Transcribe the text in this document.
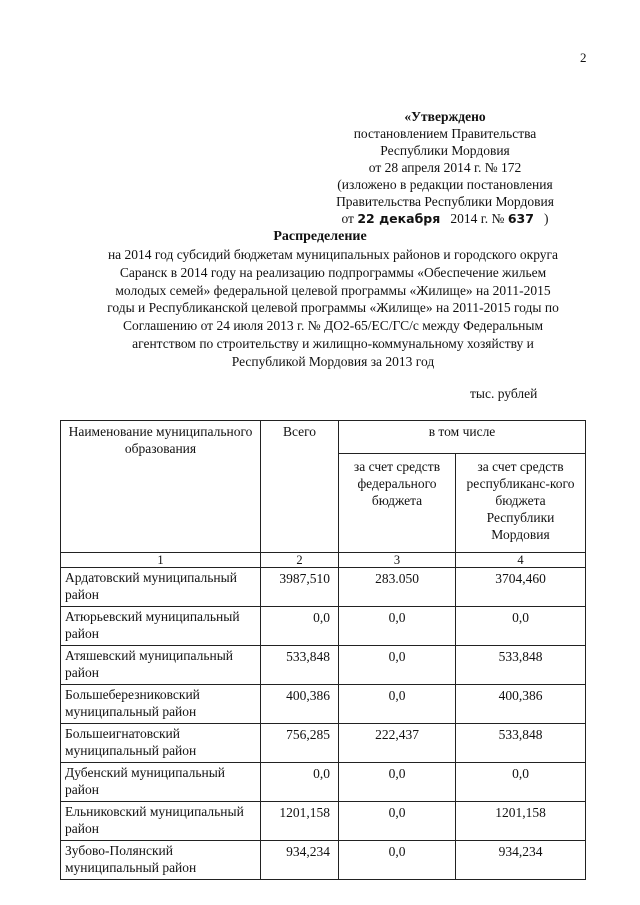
2
«Утверждено
постановлением Правительства
Республики Мордовия
от 28 апреля 2014 г. № 172
(изложено в редакции постановления
Правительства Республики Мордовия
от 22 декабря 2014 г. № 637 )
Распределение
на 2014 год субсидий бюджетам муниципальных районов и городского округа
Саранск в 2014 году на реализацию подпрограммы «Обеспечение жильем
молодых семей» федеральной целевой программы «Жилище» на 2011-2015
годы и Республиканской целевой программы «Жилище» на 2011-2015 годы по
Соглашению от 24 июля 2013 г. № ДО2-65/ЕС/ГС/с между Федеральным
агентством по строительству и жилищно-коммунальному хозяйству и
Республикой Мордовия за 2013 год
тыс. рублей
Наименование муниципального образования	Всего	в том числе	
		за счет средств федерального бюджета	за счет средств республиканс-кого бюджета Республики Мордовия
1	2	3	4
Ардатовский муниципальный район	3987,510	283.050	3704,460
Атюрьевский муниципальный район	0,0	0,0	0,0
Атяшевский муниципальный район	533,848	0,0	533,848
Большеберезниковский муниципальный район	400,386	0,0	400,386
Большеигнатовский муниципальный район	756,285	222,437	533,848
Дубенский муниципальный район	0,0	0,0	0,0
Ельниковский муниципальный район	1201,158	0,0	1201,158
Зубово-Полянский муниципальный район	934,234	0,0	934,234
